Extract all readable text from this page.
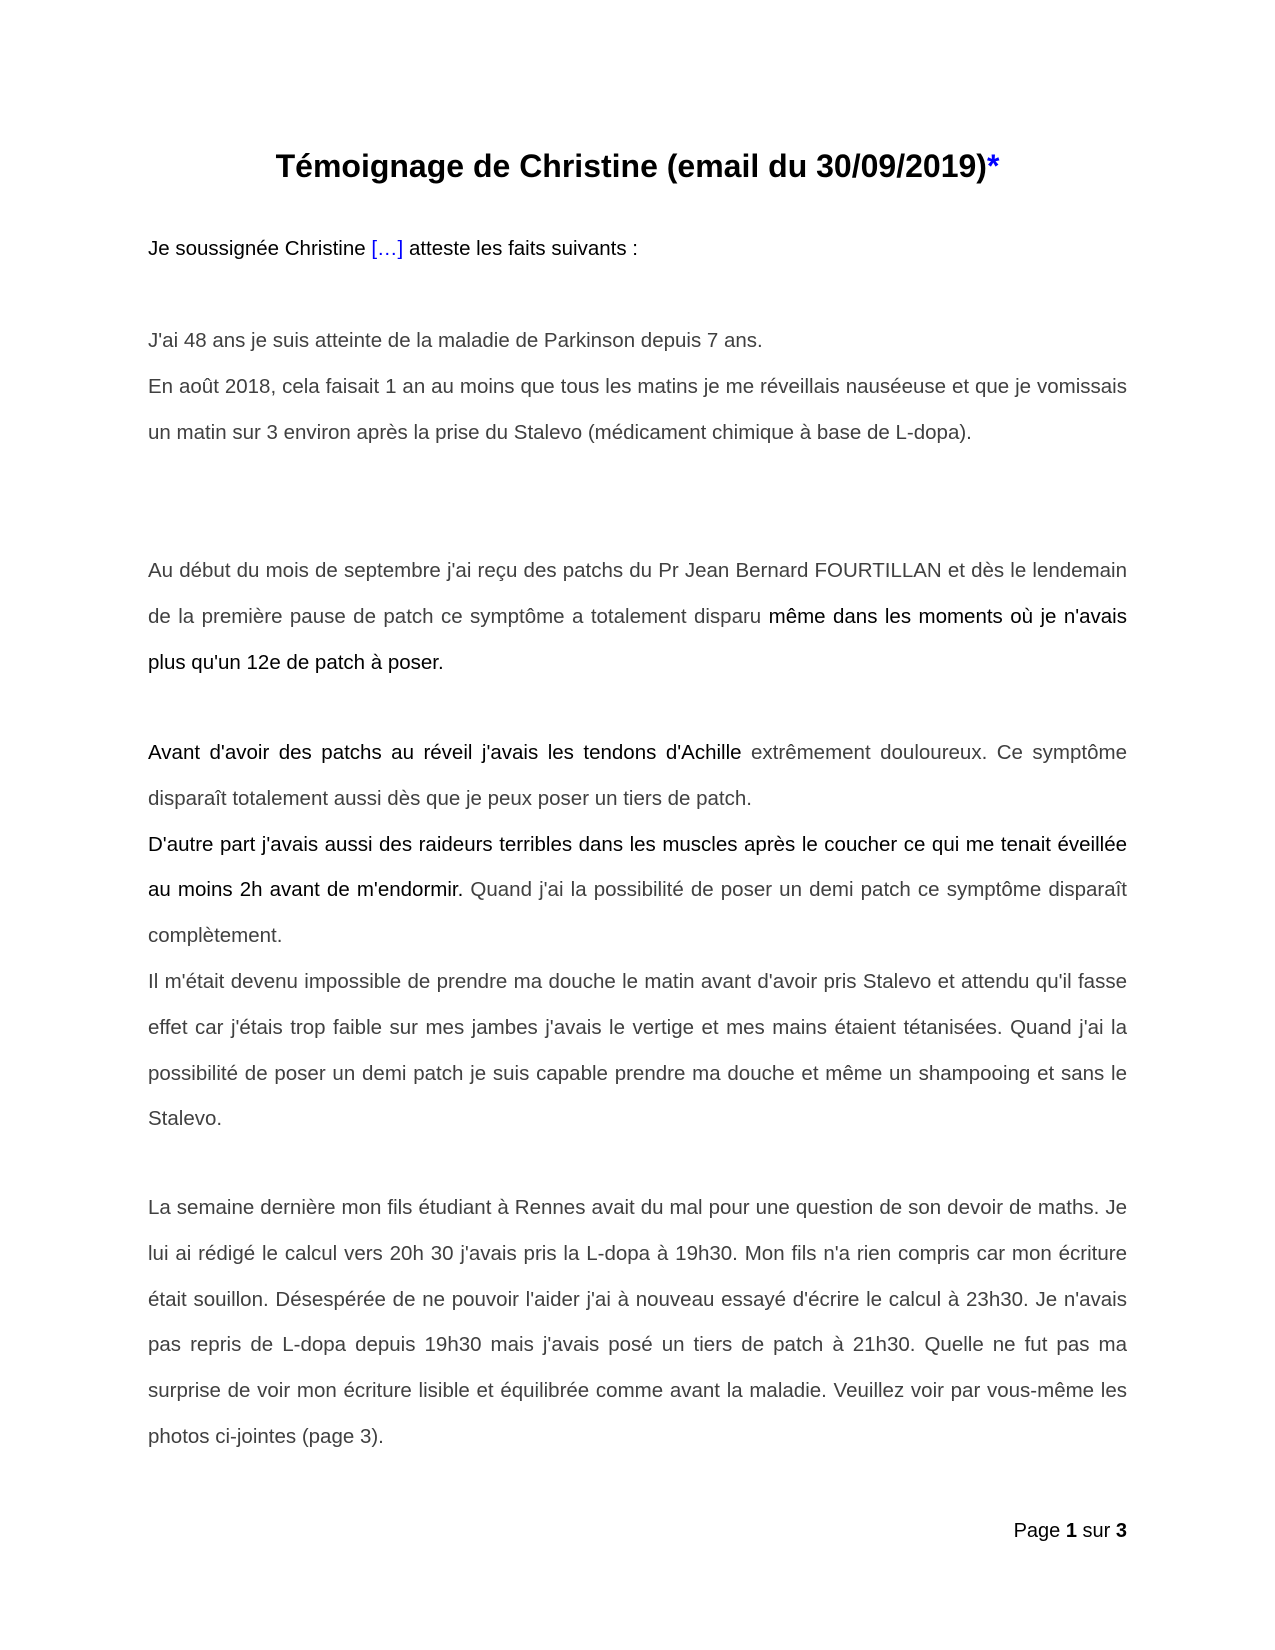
Témoignage de Christine (email du 30/09/2019)*

Je soussignée Christine […] atteste les faits suivants :

J'ai 48 ans je suis atteinte de la maladie de Parkinson depuis 7 ans.
En août 2018, cela faisait 1 an au moins que tous les matins je me réveillais nauséeuse et que je vomissais un matin sur 3 environ après la prise du Stalevo (médicament chimique à base de L-dopa).

Au début du mois de septembre j'ai reçu des patchs du Pr Jean Bernard FOURTILLAN et dès le lendemain de la première pause de patch ce symptôme a totalement disparu même dans les moments où je n'avais plus qu'un 12e de patch à poser.

Avant d'avoir des patchs au réveil j'avais les tendons d'Achille extrêmement douloureux. Ce symptôme disparaît totalement aussi dès que je peux poser un tiers de patch.
D'autre part j'avais aussi des raideurs terribles dans les muscles après le coucher ce qui me tenait éveillée au moins 2h avant de m'endormir. Quand j'ai la possibilité de poser un demi patch ce symptôme disparaît complètement.
Il m'était devenu impossible de prendre ma douche le matin avant d'avoir pris Stalevo et attendu qu'il fasse effet car j'étais trop faible sur mes jambes j'avais le vertige et mes mains étaient tétanisées. Quand j'ai la possibilité de poser un demi patch je suis capable prendre ma douche et même un shampooing et sans le Stalevo.

La semaine dernière mon fils étudiant à Rennes avait du mal pour une question de son devoir de maths. Je lui ai rédigé le calcul vers 20h 30 j'avais pris la L-dopa à 19h30. Mon fils n'a rien compris car mon écriture était souillon. Désespérée de ne pouvoir l'aider j'ai à nouveau essayé d'écrire le calcul à 23h30. Je n'avais pas repris de L-dopa depuis 19h30 mais j'avais posé un tiers de patch à 21h30. Quelle ne fut pas ma surprise de voir mon écriture lisible et équilibrée comme avant la maladie. Veuillez voir par vous-même les photos ci-jointes (page 3).

Page 1 sur 3
